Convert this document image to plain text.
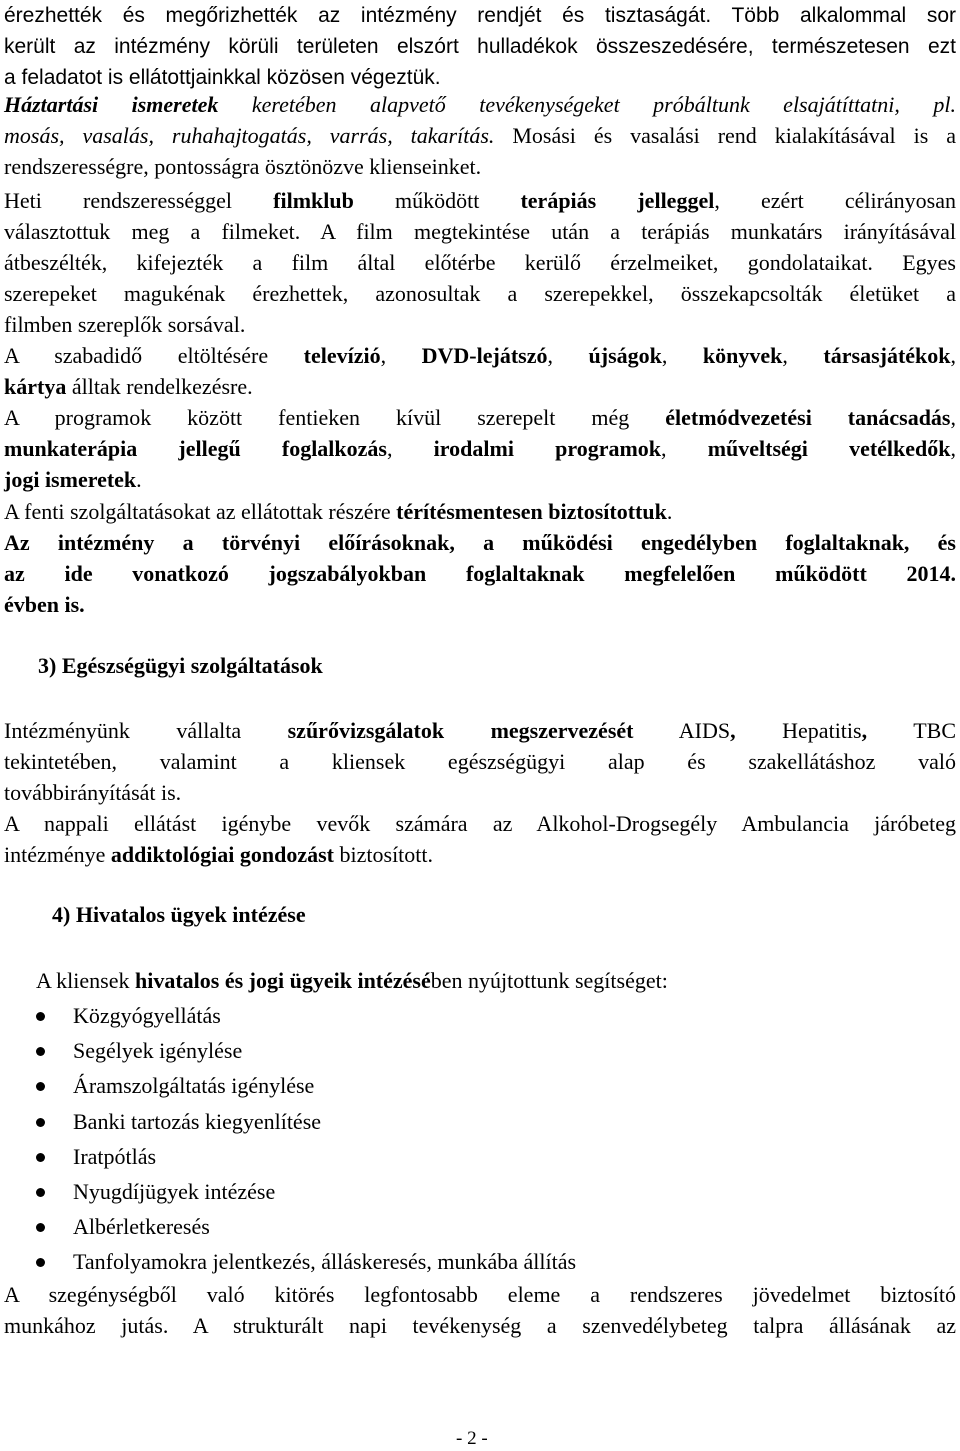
érezhették és megőrizhették az intézmény rendjét és tisztaságát. Több alkalommal sor
került az intézmény körüli területen elszórt hulladékok összeszedésére, természetesen ezt
a feladatot is ellátottjainkkal közösen végeztük.
Háztartási ismeretek keretében alapvető tevékenységeket próbáltunk elsajátíttatni, pl.
mosás, vasalás, ruhahajtogatás, varrás, takarítás. Mosási és vasalási rend kialakításával is a
rendszerességre, pontosságra ösztönözve klienseinket.
Heti rendszerességgel filmklub működött terápiás jelleggel, ezért célirányosan
választottuk meg a filmeket. A film megtekintése után a terápiás munkatárs irányításával
átbeszélték, kifejezték a film által előtérbe kerülő érzelmeiket, gondolataikat. Egyes
szerepeket magukénak érezhettek, azonosultak a szerepekkel, összekapcsolták életüket a
filmben szereplők sorsával.
A szabadidő eltöltésére televízió, DVD-lejátszó, újságok, könyvek, társasjátékok,
kártya álltak rendelkezésre.
A programok között fentieken kívül szerepelt még életmódvezetési tanácsadás,
munkaterápia jellegű foglalkozás, irodalmi programok, műveltségi vetélkedők,
jogi ismeretek.
A fenti szolgáltatásokat az ellátottak részére térítésmentesen biztosítottuk.
Az intézmény a törvényi előírásoknak, a működési engedélyben foglaltaknak, és
az ide vonatkozó jogszabályokban foglaltaknak megfelelően működött 2014.
évben is.
3) Egészségügyi szolgáltatások
Intézményünk vállalta szűrővizsgálatok megszervezését AIDS, Hepatitis, TBC
tekintetében, valamint a kliensek egészségügyi alap és szakellátáshoz való
továbbirányítását is.
A nappali ellátást igénybe vevők számára az Alkohol-Drogsegély Ambulancia járóbeteg
intézménye addiktológiai gondozást biztosított.
4) Hivatalos ügyek intézése
A kliensek hivatalos és jogi ügyeik intézésében nyújtottunk segítséget:
Közgyógyellátás
Segélyek igénylése
Áramszolgáltatás igénylése
Banki tartozás kiegyenlítése
Iratpótlás
Nyugdíjügyek intézése
Albérletkeresés
Tanfolyamokra jelentkezés, álláskeresés, munkába állítás
A szegénységből való kitörés legfontosabb eleme a rendszeres jövedelmet biztosító
munkához jutás. A strukturált napi tevékenység a szenvedélybeteg talpra állásának az
- 2 -
